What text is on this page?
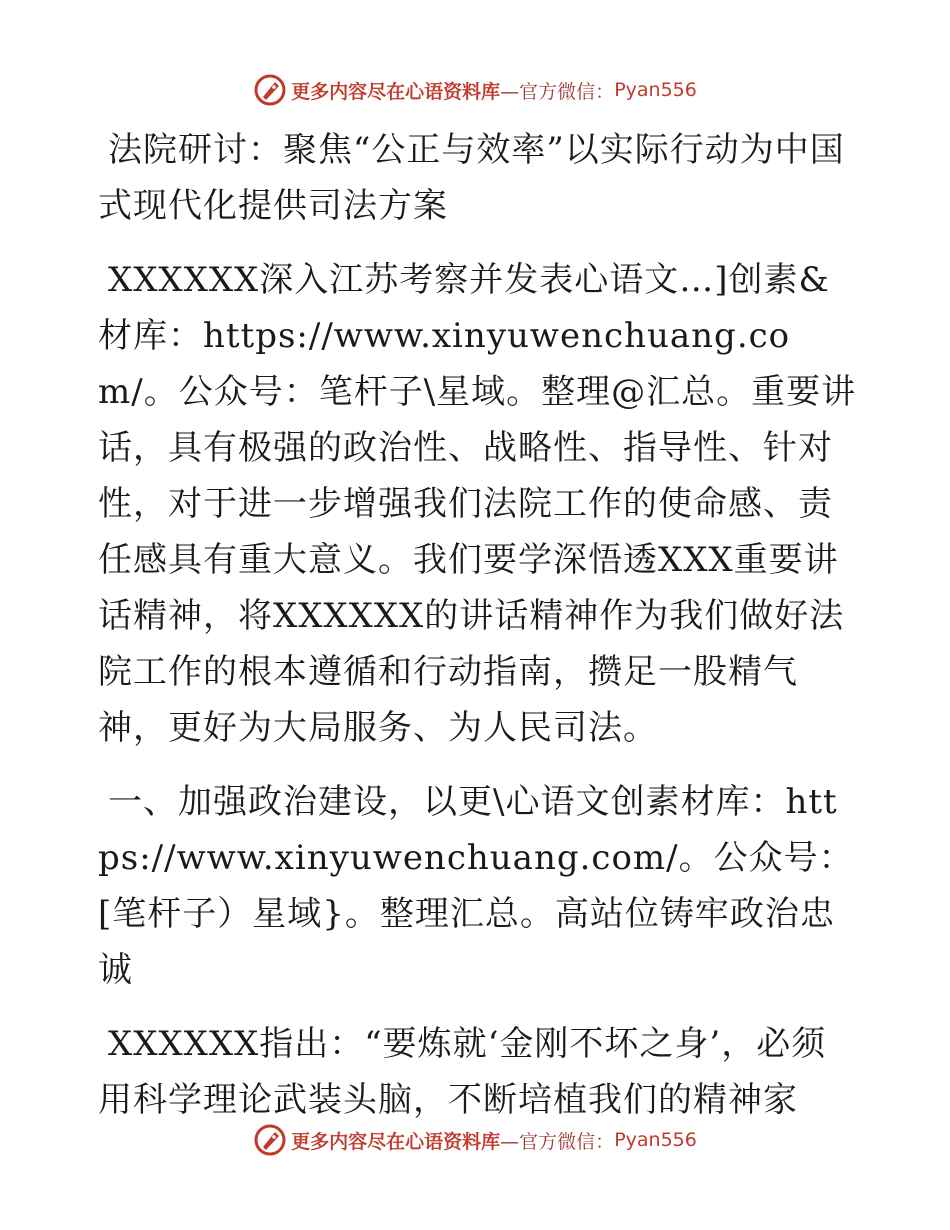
更多内容尽在心语资料库 —官方微信： Pyan556

法院研讨：聚焦“公正与效率”以实际行动为中国式现代化提供司法方案

XXXXXX深入江苏考察并发表心语文…]创素&材库：https://www.xinyuwenchuang.com/。公众号：笔杆子\星域。整理@汇总。重要讲话，具有极强的政治性、战略性、指导性、针对性，对于进一步增强我们法院工作的使命感、责任感具有重大意义。我们要学深悟透XXX重要讲话精神，将XXXXXX的讲话精神作为我们做好法院工作的根本遵循和行动指南，攒足一股精气神，更好为大局服务、为人民司法。

一、加强政治建设，以更\心语文创素材库：https://www.xinyuwenchuang.com/。公众号：[笔杆子）星域}。整理汇总。高站位铸牢政治忠诚

XXXXXX指出：“要炼就‘金刚不坏之身’，必须用科学理论武装头脑，不断培植我们的精神家

更多内容尽在心语资料库 —官方微信： Pyan556
